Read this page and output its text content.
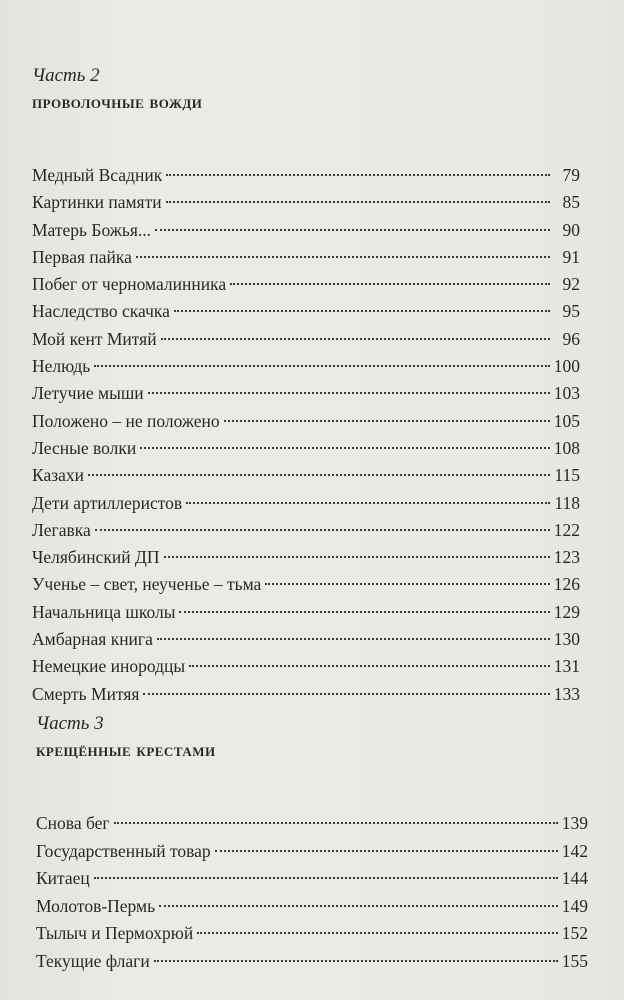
Часть 2

проволочные вожди
Медный Всадник	79
Картинки памяти	85
Матерь Божья...	90
Первая пайка	91
Побег от черномалинника	92
Наследство скачка	95
Мой кент Митяй	96
Нелюдь	100
Летучие мыши	103
Положено – не положено	105
Лесные волки	108
Казахи	115
Дети артиллеристов	118
Легавка	122
Челябинский ДП	123
Ученье – свет, неученье – тьма	126
Начальница школы	129
Амбарная книга	130
Немецкие инородцы	131
Смерть Митяя	133

Часть 3

крещённые крестами
Снова бег	139
Государственный товар	142
Китаец	144
Молотов-Пермь	149
Тылыч и Пермохрюй	152
Текущие флаги	155
